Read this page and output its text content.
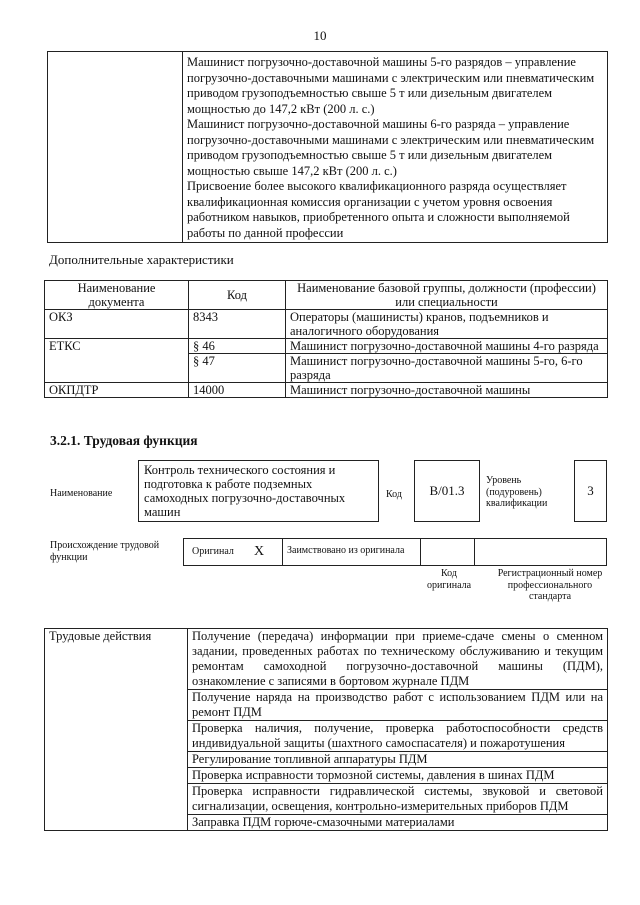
10

Машинист погрузочно-доставочной машины 5-го разрядов – управление погрузочно-доставочными машинами с электрическим или пневматическим приводом грузоподъемностью свыше 5 т или дизельным двигателем мощностью до 147,2 кВт (200 л. с.)
Машинист погрузочно-доставочной машины 6-го разряда – управление погрузочно-доставочными машинами с электрическим или пневматическим приводом грузоподъемностью свыше 5 т или дизельным двигателем мощностью свыше 147,2 кВт (200 л. с.)
Присвоение более высокого квалификационного разряда осуществляет квалификационная комиссия организации с учетом уровня освоения работником навыков, приобретенного опыта и сложности выполняемой работы по данной профессии
Дополнительные характеристики
Наименование документа	Код	Наименование базовой группы, должности (профессии) или специальности
ОКЗ	8343	Операторы (машинисты) кранов, подъемников и аналогичного оборудования
ЕТКС	§ 46	Машинист погрузочно-доставочной машины 4-го разряда
	§ 47	Машинист погрузочно-доставочной машины 5-го, 6-го разряда
ОКПДТР	14000	Машинист погрузочно-доставочной машины
3.2.1. Трудовая функция
Наименование
Контроль технического состояния и подготовка к работе подземных самоходных погрузочно-доставочных машин
Код B/01.3
Уровень (подуровень) квалификации
3
Происхождение трудовой функции	Оригинал X	Заимствовано из оригинала
Код оригинала
Регистрационный номер профессионального стандарта
Трудовые действия	Получение (передача) информации при приеме-сдаче смены о сменном задании, проведенных работах по техническому обслуживанию и текущим ремонтам самоходной погрузочно-доставочной машины (ПДМ), ознакомление с записями в бортовом журнале ПДМ
Получение наряда на производство работ с использованием ПДМ или на ремонт ПДМ
Проверка наличия, получение, проверка работоспособности средств индивидуальной защиты (шахтного самоспасателя) и пожаротушения
Регулирование топливной аппаратуры ПДМ
Проверка исправности тормозной системы, давления в шинах ПДМ
Проверка исправности гидравлической системы, звуковой и световой сигнализации, освещения, контрольно-измерительных приборов ПДМ
Заправка ПДМ горюче-смазочными материалами
